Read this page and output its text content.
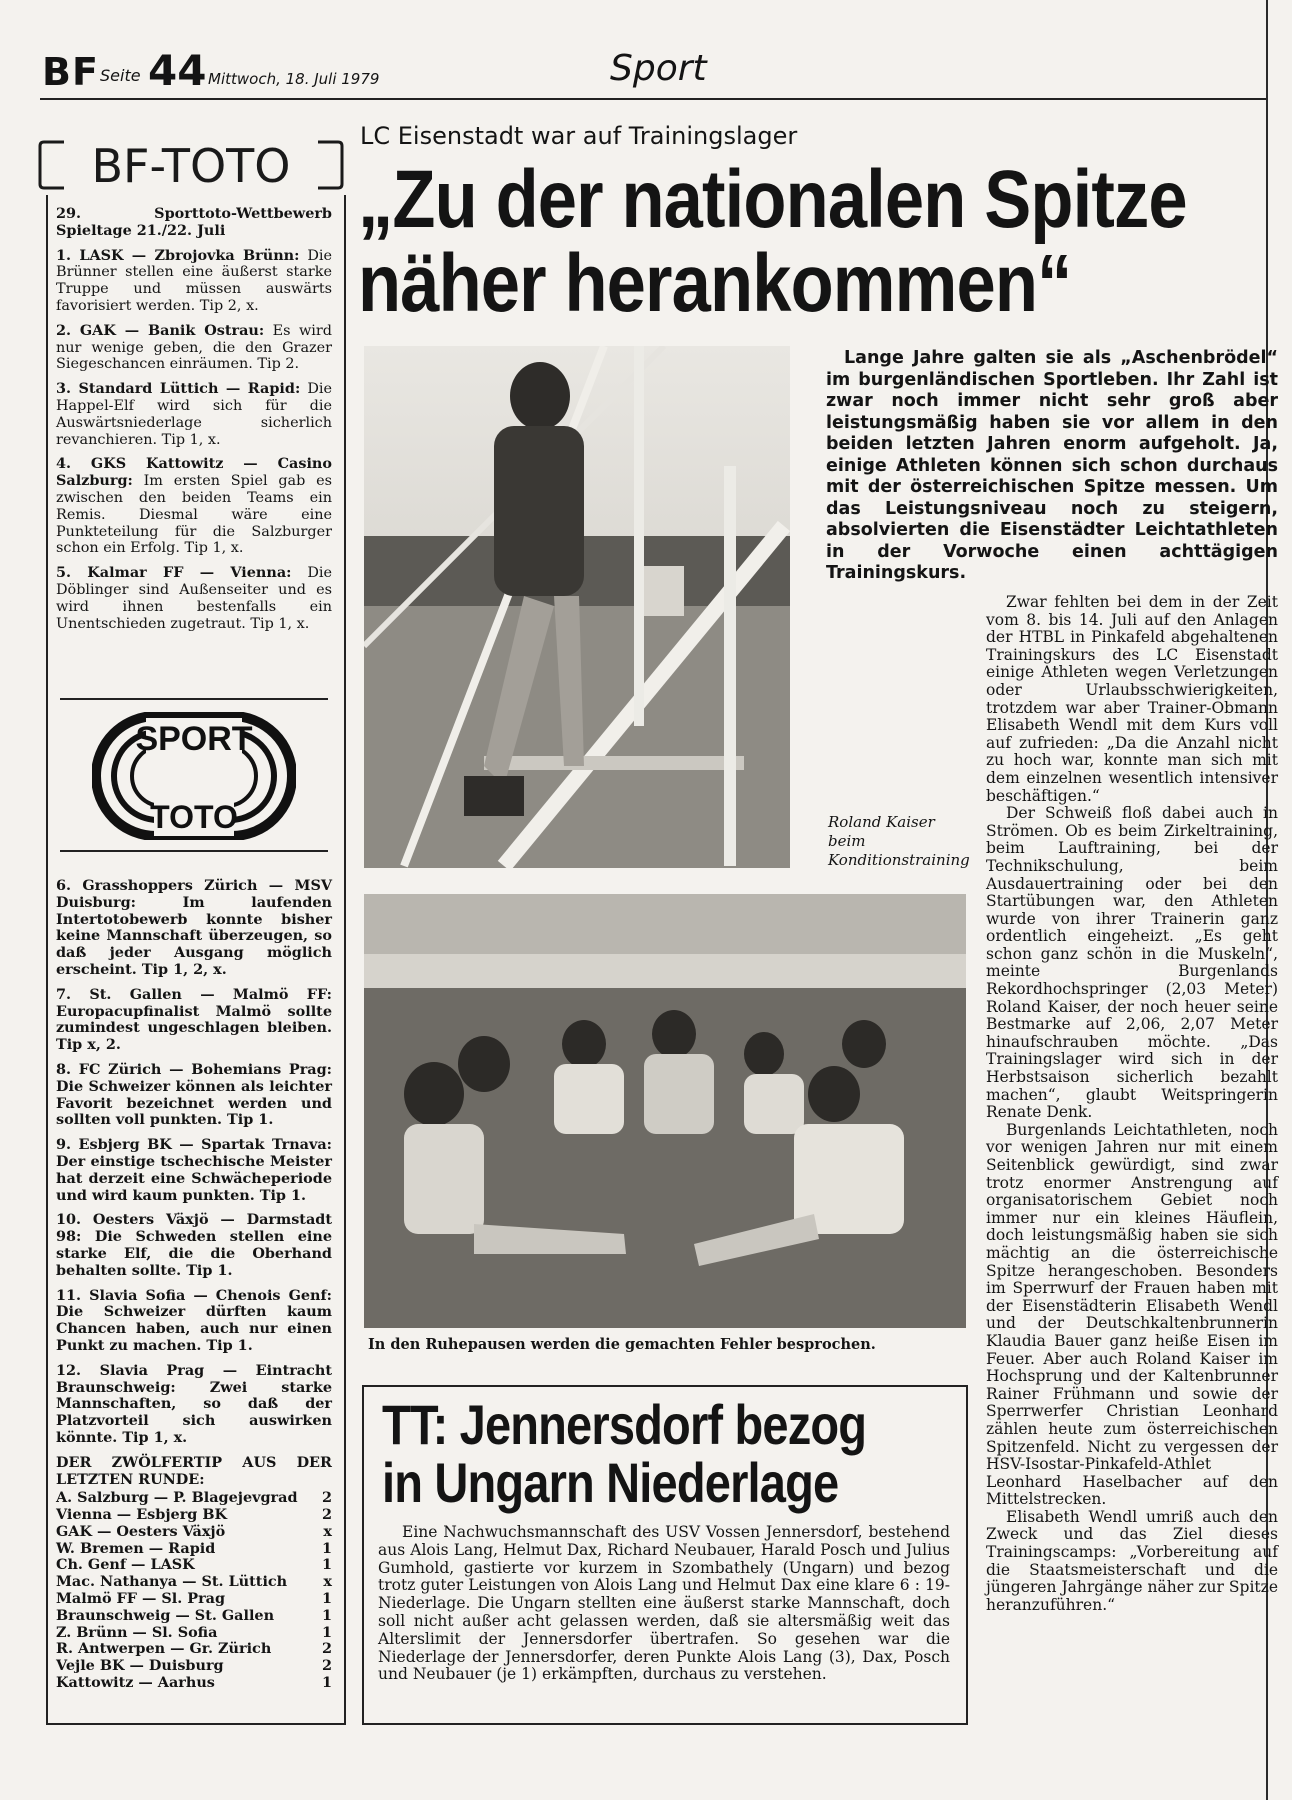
BF Seite 44 Mittwoch, 18. Juli 1979	Sport
BF-TOTO

29. Sporttoto-Wettbewerb Spieltage 21./22. Juli

1. LASK — Zbrojovka Brünn: Die Brünner stellen eine äußerst starke Truppe und müssen auswärts favorisiert werden. Tip 2, x.

2. GAK — Banik Ostrau: Es wird nur wenige geben, die den Grazer Siegeschancen einräumen. Tip 2.

3. Standard Lüttich — Rapid: Die Happel-Elf wird sich für die Auswärtsniederlage sicherlich revanchieren. Tip 1, x.

4. GKS Kattowitz — Casino Salzburg: Im ersten Spiel gab es zwischen den beiden Teams ein Remis. Diesmal wäre eine Punkteteilung für die Salzburger schon ein Erfolg. Tip 1, x.

5. Kalmar FF — Vienna: Die Döblinger sind Außenseiter und es wird ihnen bestenfalls ein Unentschieden zugetraut. Tip 1, x.

SPORT
TOTO

6. Grasshoppers Zürich — MSV Duisburg:	Im laufenden Intertotobewerb konnte bisher keine Mannschaft überzeugen, so daß jeder Ausgang möglich erscheint. Tip 1, 2, x.

7. St. Gallen — Malmö FF: Europacupfinalist Malmö sollte zumindest ungeschlagen bleiben. Tip x, 2.

8. FC Zürich — Bohemians Prag: Die Schweizer können als leichter Favorit bezeichnet werden und sollten voll punkten. Tip 1.

9. Esbjerg BK — Spartak Trnava: Der einstige tschechische Meister hat derzeit eine Schwächeperiode und wird kaum punkten. Tip 1.

10. Oesters Växjö — Darmstadt 98: Die Schweden stellen eine starke Elf, die die Oberhand behalten sollte. Tip 1.

11. Slavia Sofia — Chenois Genf: Die Schweizer dürften kaum Chancen haben, auch nur einen Punkt zu machen. Tip 1.

12. Slavia Prag — Eintracht Braunschweig: Zwei starke Mannschaften, so daß der Platzvorteil sich auswirken könnte. Tip 1, x.

DER ZWÖLFERTIP AUS DER LETZTEN RUNDE:

A. Salzburg — P. Blagejevgrad 2
Vienna — Esbjerg BK	2
GAK — Oesters Växjö	x
W. Bremen — Rapid	1
Ch. Genf — LASK	1
Mac. Nathanya — St. Lüttich	x
Malmö FF — Sl. Prag	1
Braunschweig — St. Gallen	1
Z. Brünn — Sl. Sofia	1
R. Antwerpen — Gr. Zürich	2
Vejle BK — Duisburg	2
Kattowitz — Aarhus	1
LC Eisenstadt war auf Trainingslager
„Zu der nationalen Spitze
näher herankommen“
Roland Kaiser beim Konditionstraining
In den Ruhepausen werden die gemachten Fehler besprochen.
Lange Jahre galten sie als „Aschenbrödel“ im burgenländischen Sportleben. Ihr Zahl ist zwar noch immer nicht sehr groß aber leistungsmäßig haben sie vor allem in den beiden letzten Jahren enorm aufgeholt. Ja, einige Athleten können sich schon durchaus mit der österreichischen Spitze messen. Um das Leistungsniveau noch zu steigern, absolvierten die Eisenstädter Leichtathleten in der Vorwoche einen achttägigen Trainingskurs.

Zwar fehlten bei dem in der Zeit vom 8. bis 14. Juli auf den Anlagen der HTBL in Pinkafeld abgehaltenen Trainingskurs des LC Eisenstadt einige Athleten wegen Verletzungen oder Urlaubsschwierigkeiten, trotzdem war aber Trainer-Obmann Elisabeth Wendl mit dem Kurs voll auf zufrieden: „Da die Anzahl nicht zu hoch war, konnte man sich mit dem einzelnen wesentlich intensiver beschäftigen.“

Der Schweiß floß dabei auch in Strömen. Ob es beim Zirkeltraining, beim Lauftraining, bei der Technikschulung, beim Ausdauertraining oder bei den Startübungen war, den Athleten wurde von ihrer Trainerin ganz ordentlich eingeheizt. „Es geht schon ganz schön in die Muskeln“, meinte Burgenlands Rekordhochspringer (2,03 Meter) Roland Kaiser, der noch heuer seine Bestmarke auf 2,06, 2,07 Meter hinaufschrauben möchte. „Das Trainingslager wird sich in der Herbstsaison sicherlich bezahlt machen“, glaubt Weitspringerin Renate Denk.

Burgenlands Leichtathleten, noch vor wenigen Jahren nur mit einem Seitenblick gewürdigt, sind zwar trotz enormer Anstrengung auf organisatorischem Gebiet noch immer nur ein kleines Häuflein, doch leistungsmäßig haben sie sich mächtig an die österreichische Spitze herangeschoben. Besonders im Sperrwurf der Frauen haben mit der Eisenstädterin Elisabeth Wendl und der Deutschkaltenbrunnerin Klaudia Bauer ganz heiße Eisen im Feuer. Aber auch Roland Kaiser im Hochsprung und der Kaltenbrunner Rainer Frühmann und sowie der Sperrwerfer Christian Leonhard zählen heute zum österreichischen Spitzenfeld. Nicht zu vergessen der HSV-Isostar-Pinkafeld-Athlet Leonhard Haselbacher auf den Mittelstrecken.

Elisabeth Wendl umriß auch den Zweck und das Ziel dieses Trainingscamps: „Vorbereitung auf die Staatsmeisterschaft und die jüngeren Jahrgänge näher zur Spitze heranzuführen.“

TT: Jennersdorf bezog
in Ungarn Niederlage
Eine Nachwuchsmannschaft des USV Vossen Jennersdorf, bestehend aus Alois Lang, Helmut Dax, Richard Neubauer, Harald Posch und Julius Gumhold, gastierte vor kurzem in Szombathely (Ungarn) und bezog trotz guter Leistungen von Alois Lang und Helmut Dax eine klare 6 : 19-Niederlage. Die Ungarn stellten eine äußerst starke Mannschaft, doch soll nicht außer acht gelassen werden, daß sie altersmäßig weit das Alterslimit der Jennersdorfer übertrafen. So gesehen war die Niederlage der Jennersdorfer, deren Punkte Alois Lang (3), Dax, Posch und Neubauer (je 1) erkämpften, durchaus zu verstehen.
